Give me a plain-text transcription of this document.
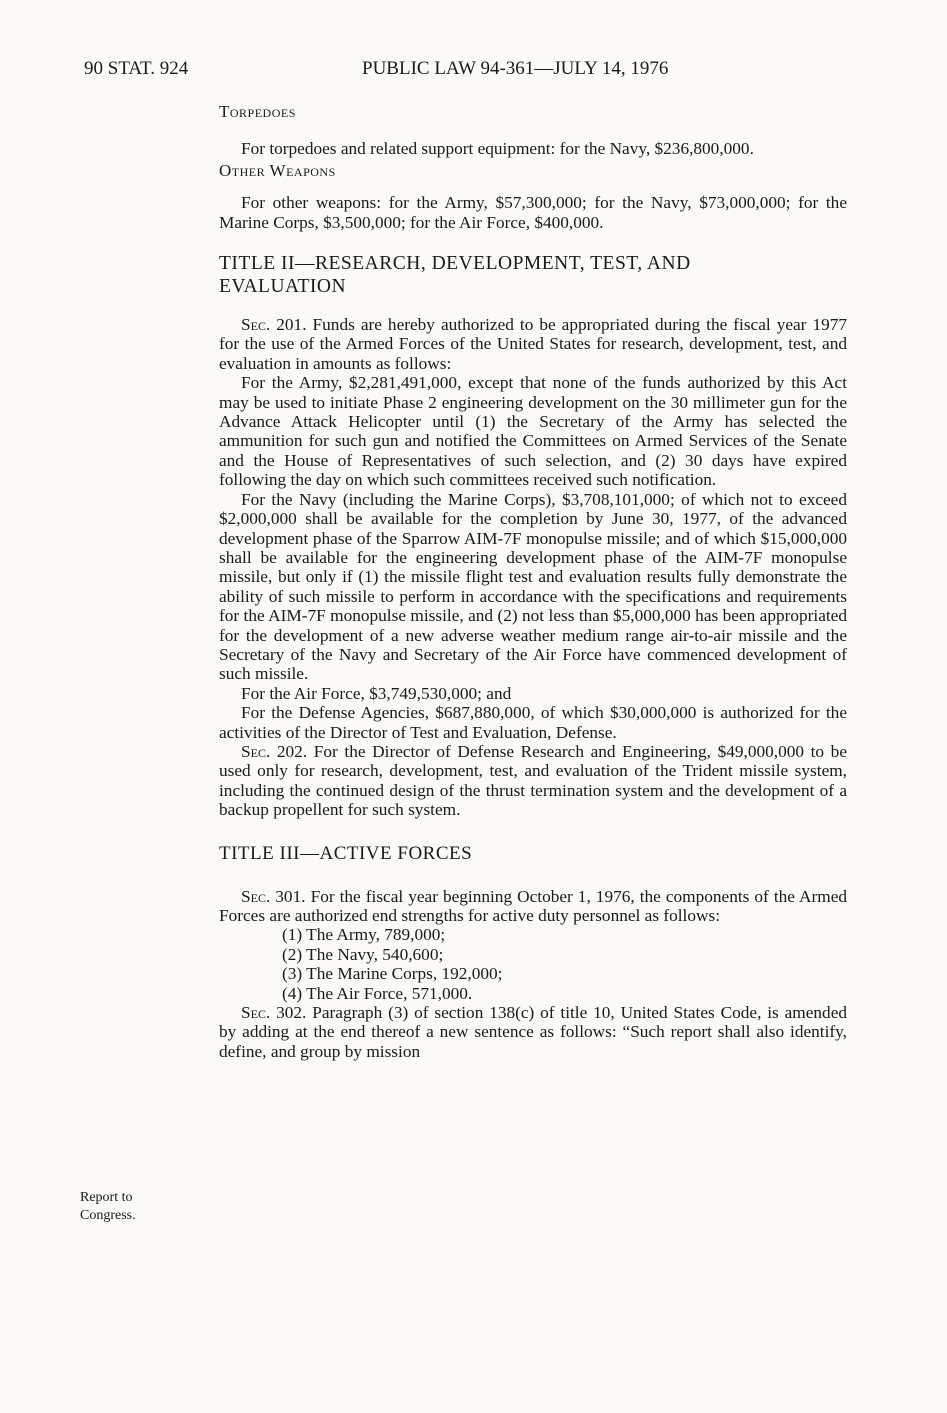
90 STAT. 924	PUBLIC LAW 94-361—JULY 14, 1976
Report to
Congress.

Torpedoes

For torpedoes and related support equipment: for the Navy, $236,800,000.

Other Weapons

For other weapons: for the Army, $57,300,000; for the Navy, $73,000,000; for the Marine Corps, $3,500,000; for the Air Force, $400,000.

TITLE II—RESEARCH, DEVELOPMENT, TEST, AND

EVALUATION

Sec. 201. Funds are hereby authorized to be appropriated during the fiscal year 1977 for the use of the Armed Forces of the United States for research, development, test, and evaluation in amounts as follows:

For the Army, $2,281,491,000, except that none of the funds authorized by this Act may be used to initiate Phase 2 engineering development on the 30 millimeter gun for the Advance Attack Helicopter until (1) the Secretary of the Army has selected the ammunition for such gun and notified the Committees on Armed Services of the Senate and the House of Representatives of such selection, and (2) 30 days have expired following the day on which such committees received such notification.

For the Navy (including the Marine Corps), $3,708,101,000; of which not to exceed $2,000,000 shall be available for the completion by June 30, 1977, of the advanced development phase of the Sparrow AIM-7F monopulse missile; and of which $15,000,000 shall be available for the engineering development phase of the AIM-7F monopulse missile, but only if (1) the missile flight test and evaluation results fully demonstrate the ability of such missile to perform in accordance with the specifications and requirements for the AIM-7F monopulse missile, and (2) not less than $5,000,000 has been appropriated for the development of a new adverse weather medium range air-to-air missile and the Secretary of the Navy and Secretary of the Air Force have commenced development of such missile.

For the Air Force, $3,749,530,000; and

For the Defense Agencies, $687,880,000, of which $30,000,000 is authorized for the activities of the Director of Test and Evaluation, Defense.

Sec. 202. For the Director of Defense Research and Engineering, $49,000,000 to be used only for research, development, test, and evaluation of the Trident missile system, including the continued design of the thrust termination system and the development of a backup propellent for such system.

TITLE III—ACTIVE FORCES

Sec. 301. For the fiscal year beginning October 1, 1976, the components of the Armed Forces are authorized end strengths for active duty personnel as follows:

(1) The Army, 789,000;
(2) The Navy, 540,600;
(3) The Marine Corps, 192,000;
(4) The Air Force, 571,000.

Sec. 302. Paragraph (3) of section 138(c) of title 10, United States Code, is amended by adding at the end thereof a new sentence as follows: “Such report shall also identify, define, and group by mission
